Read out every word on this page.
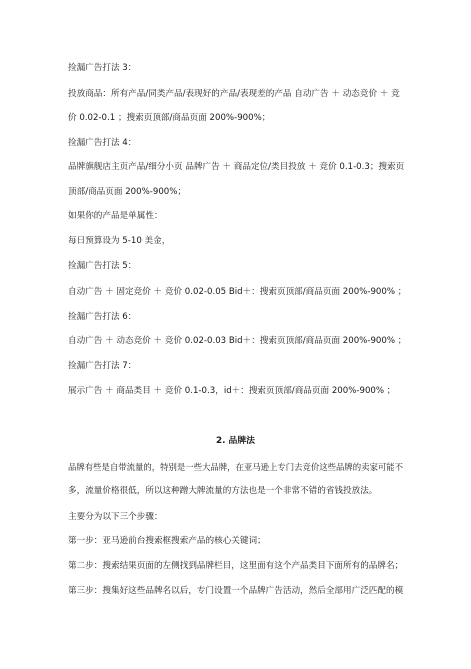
捡漏广告打法 3：
投放商品：所有产品/同类产品/表现好的产品/表现差的产品 自动广告 ＋ 动态竞价 ＋ 竞
价 0.02-0.1 ；搜索页顶部/商品页面 200%-900%；
捡漏广告打法 4：
品牌旗舰店主页产品/细分小页 品牌广告 ＋ 商品定位/类目投放 ＋ 竞价 0.1-0.3；搜索页
顶部/商品页面 200%-900%；
如果你的产品是单属性：
每日预算设为 5-10 美金，
捡漏广告打法 5：
自动广告 ＋ 固定竞价 ＋ 竞价 0.02-0.05 Bid＋：搜索页顶部/商品页面 200%-900% ；
捡漏广告打法 6：
自动广告 ＋ 动态竞价 ＋ 竞价 0.02-0.03 Bid＋：搜索页顶部/商品页面 200%-900% ；
捡漏广告打法 7：
展示广告 ＋ 商品类目 ＋ 竞价 0.1-0.3，id＋：搜索页顶部/商品页面 200%-900% ；
2. 品牌法
品牌有些是自带流量的，特别是一些大品牌，在亚马逊上专门去竞价这些品牌的卖家可能不
多，流量价格很低，所以这种蹭大牌流量的方法也是一个非常不错的省钱投放法。
主要分为以下三个步骤：
第一步：亚马逊前台搜索框搜索产品的核心关键词；
第二步：搜索结果页面的左侧找到品牌栏目，这里面有这个产品类目下面所有的品牌名；
第三步：搜集好这些品牌名以后，专门设置一个品牌广告活动，然后全部用广泛匹配的模
